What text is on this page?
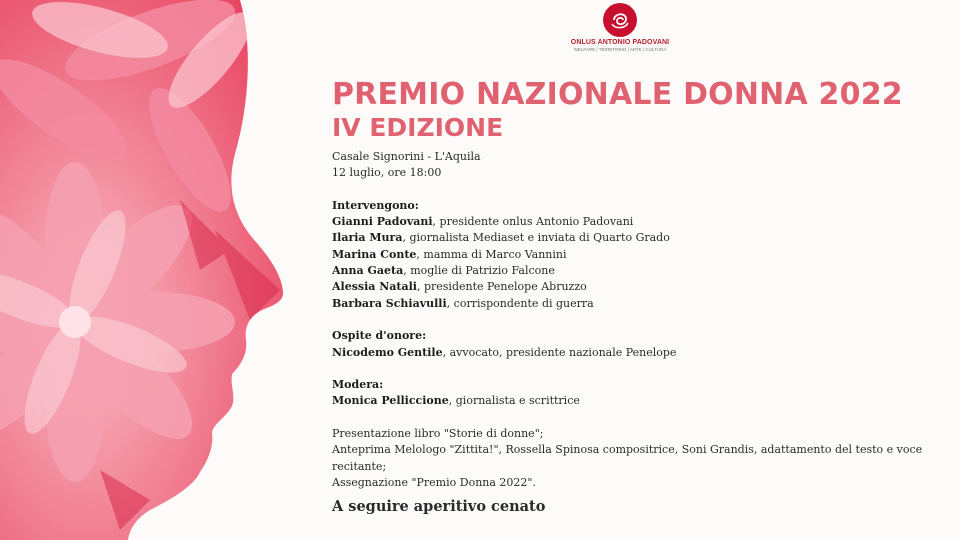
ONLUS ANTONIO PADOVANI
WELFARE | TERRITORIO | ARTE | CULTURA
PREMIO NAZIONALE DONNA 2022
IV EDIZIONE

Casale Signorini - L'Aquila

12 luglio, ore 18:00

Intervengono:

Gianni Padovani, presidente onlus Antonio Padovani

Ilaria Mura, giornalista Mediaset e inviata di Quarto Grado

Marina Conte, mamma di Marco Vannini

Anna Gaeta, moglie di Patrizio Falcone

Alessia Natali, presidente Penelope Abruzzo

Barbara Schiavulli, corrispondente di guerra

Ospite d'onore:

Nicodemo Gentile, avvocato, presidente nazionale Penelope

Modera:

Monica Pelliccione, giornalista e scrittrice

Presentazione libro "Storie di donne";

Anteprima Melologo "Zittita!", Rossella Spinosa compositrice, Soni Grandis, adattamento del testo e voce recitante;

Assegnazione "Premio Donna 2022".

A seguire aperitivo cenato
